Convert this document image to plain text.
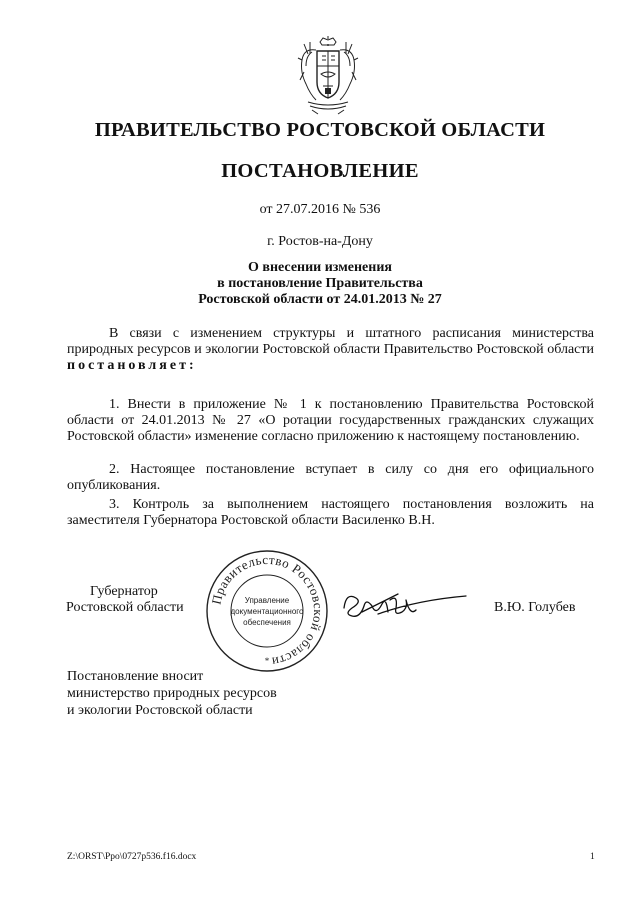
ПРАВИТЕЛЬСТВО РОСТОВСКОЙ ОБЛАСТИ
ПОСТАНОВЛЕНИЕ
от 27.07.2016 № 536
г. Ростов-на-Дону
О внесении изменения
в постановление Правительства
Ростовской области от 24.01.2013 № 27
В связи с изменением структуры и штатного расписания министерства природных ресурсов и экологии Ростовской области Правительство Ростовской области постановляет:
1. Внести в приложение № 1 к постановлению Правительства Ростовской области от 24.01.2013 № 27 «О ротации государственных гражданских служащих Ростовской области» изменение согласно приложению к настоящему постановлению.
2. Настоящее постановление вступает в силу со дня его официального опубликования.
3. Контроль за выполнением настоящего постановления возложить на заместителя Губернатора Ростовской области Василенко В.Н.
Губернатор
Ростовской области
Правительство Ростовской области
Управление
документационного
обеспечения
*
В.Ю. Голубев
Постановление вносит
министерство природных ресурсов
и экологии Ростовской области
Z:\ORST\Ppo\0727p536.f16.docx	1
